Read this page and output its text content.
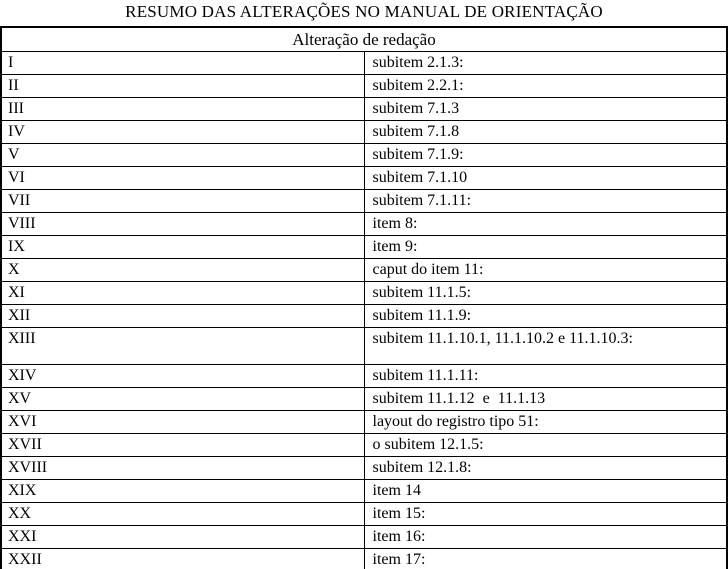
RESUMO DAS ALTERAÇÕES NO MANUAL DE ORIENTAÇÃO
Alteração de redação	
I	subitem 2.1.3:
II	subitem 2.2.1:
III	subitem 7.1.3
IV	subitem 7.1.8
V	subitem 7.1.9:
VI	subitem 7.1.10
VII	subitem 7.1.11:
VIII	item 8:
IX	item 9:
X	caput do item 11:
XI	subitem 11.1.5:
XII	subitem 11.1.9:
XIII	subitem 11.1.10.1, 11.1.10.2 e 11.1.10.3:
XIV	subitem 11.1.11:
XV	subitem 11.1.12  e  11.1.13
XVI	layout do registro tipo 51:
XVII	o subitem 12.1.5:
XVIII	subitem 12.1.8:
XIX	item 14
XX	item 15:
XXI	item 16:
XXII	item 17:
